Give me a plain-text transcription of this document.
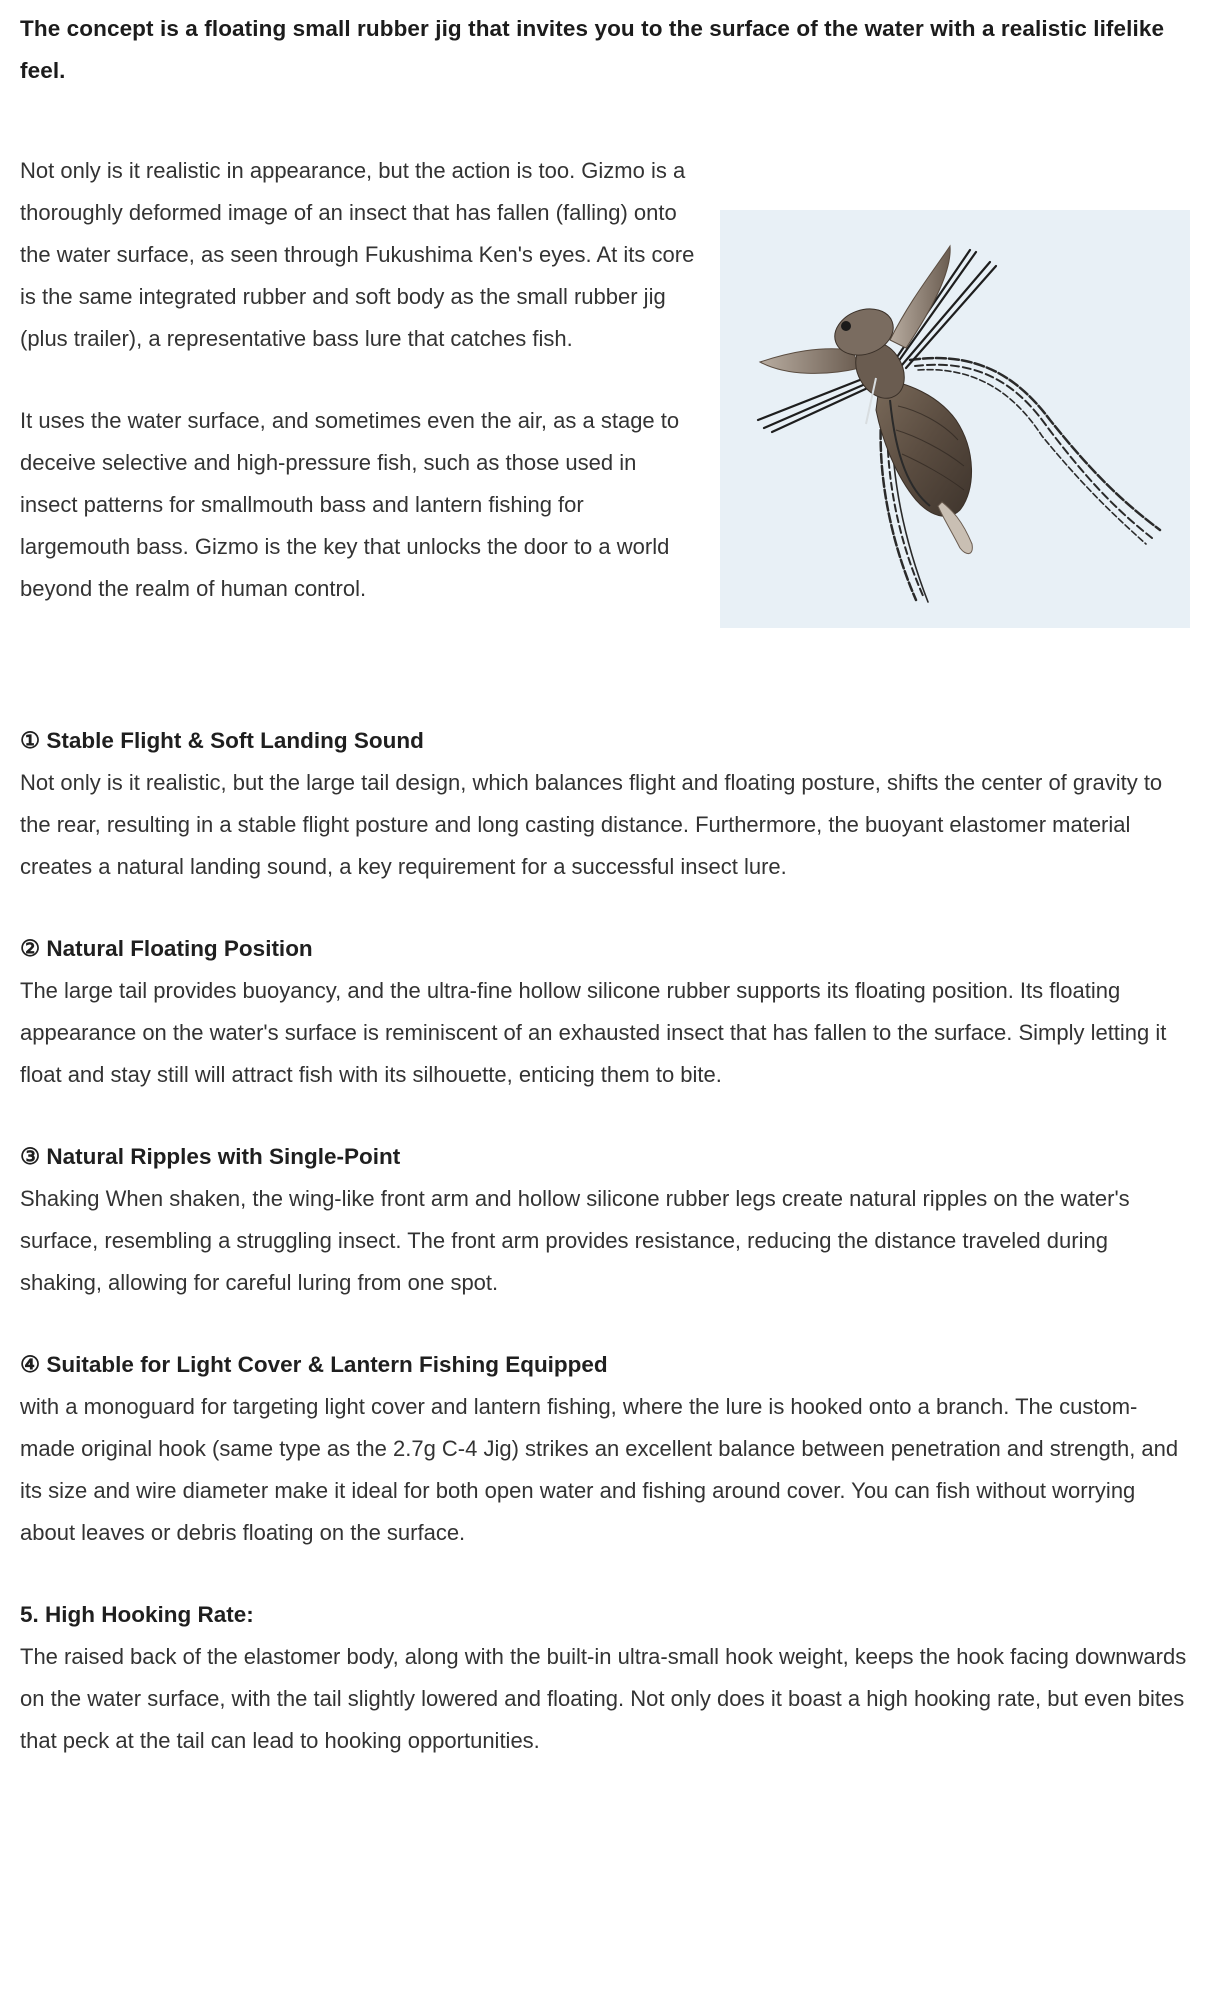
The concept is a floating small rubber jig that invites you to the surface of the water with a realistic lifelike feel.

Not only is it realistic in appearance, but the action is too. Gizmo is a thoroughly deformed image of an insect that has fallen (falling) onto the water surface, as seen through Fukushima Ken's eyes. At its core is the same integrated rubber and soft body as the small rubber jig (plus trailer), a representative bass lure that catches fish.

It uses the water surface, and sometimes even the air, as a stage to deceive selective and high-pressure fish, such as those used in insect patterns for smallmouth bass and lantern fishing for largemouth bass. Gizmo is the key that unlocks the door to a world beyond the realm of human control.

① Stable Flight & Soft Landing Sound

Not only is it realistic, but the large tail design, which balances flight and floating posture, shifts the center of gravity to the rear, resulting in a stable flight posture and long casting distance. Furthermore, the buoyant elastomer material creates a natural landing sound, a key requirement for a successful insect lure.

② Natural Floating Position

The large tail provides buoyancy, and the ultra-fine hollow silicone rubber supports its floating position. Its floating appearance on the water's surface is reminiscent of an exhausted insect that has fallen to the surface. Simply letting it float and stay still will attract fish with its silhouette, enticing them to bite.

③ Natural Ripples with Single-Point

Shaking When shaken, the wing-like front arm and hollow silicone rubber legs create natural ripples on the water's surface, resembling a struggling insect. The front arm provides resistance, reducing the distance traveled during shaking, allowing for careful luring from one spot.

④ Suitable for Light Cover & Lantern Fishing Equipped

with a monoguard for targeting light cover and lantern fishing, where the lure is hooked onto a branch. The custom-made original hook (same type as the 2.7g C-4 Jig) strikes an excellent balance between penetration and strength, and its size and wire diameter make it ideal for both open water and fishing around cover. You can fish without worrying about leaves or debris floating on the surface.

5. High Hooking Rate:

The raised back of the elastomer body, along with the built-in ultra-small hook weight, keeps the hook facing downwards on the water surface, with the tail slightly lowered and floating. Not only does it boast a high hooking rate, but even bites that peck at the tail can lead to hooking opportunities.
